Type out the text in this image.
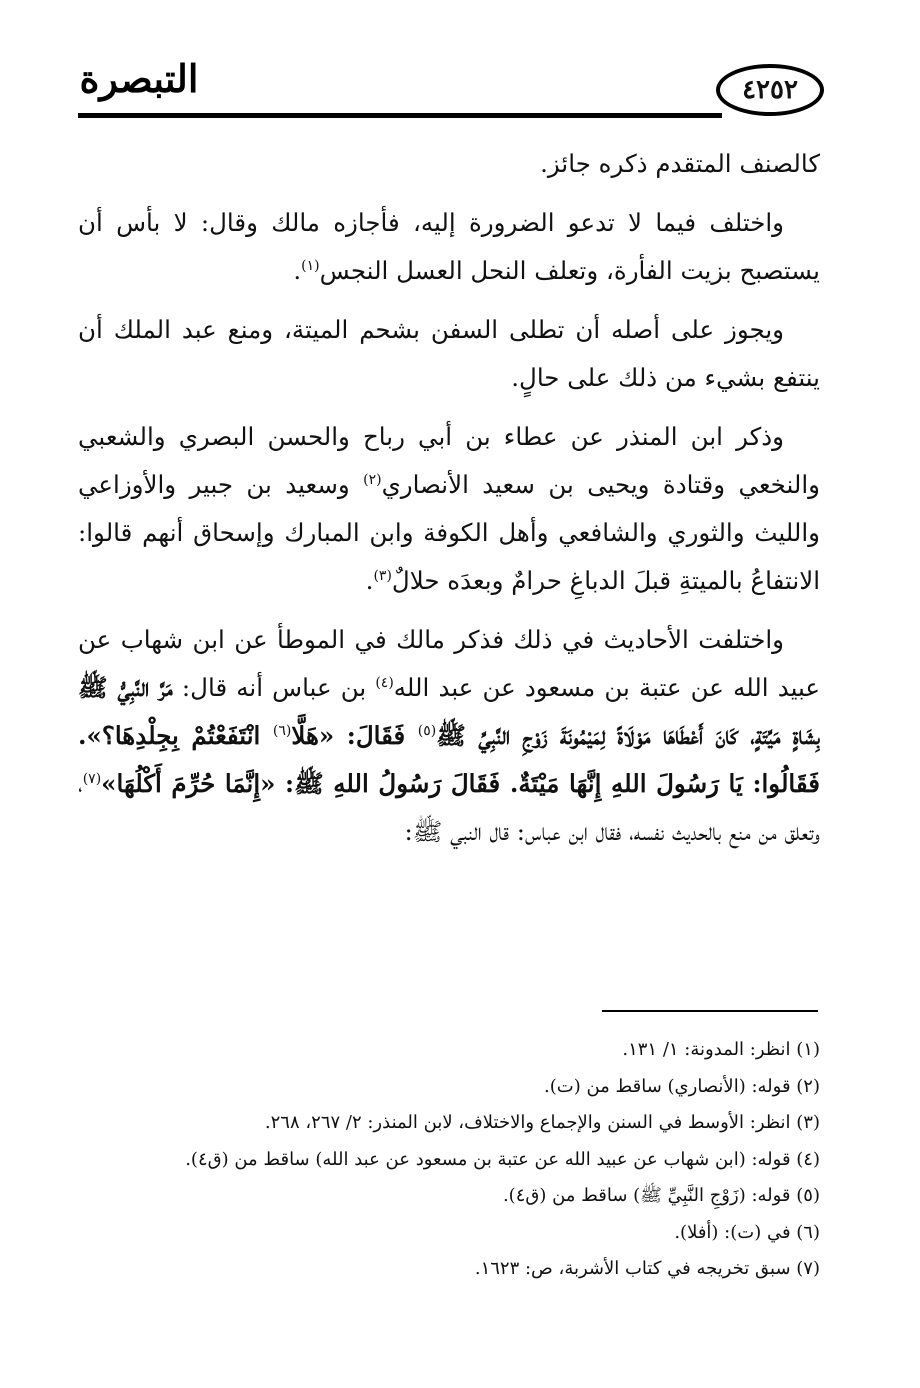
التبصرة	٤٢٥٢

كالصنف المتقدم ذكره جائز.

واختلف فيما لا تدعو الضرورة إليه، فأجازه مالك وقال: لا بأس أن يستصبح بزيت الفأرة، وتعلف النحل العسل النجس$^{(١)}$.

ويجوز على أصله أن تطلى السفن بشحم الميتة، ومنع عبد الملك أن ينتفع بشيء من ذلك على حالٍ.

وذكر ابن المنذر عن عطاء بن أبي رباح والحسن البصري والشعبي والنخعي وقتادة ويحيى بن سعيد الأنصاري$^{(٢)}$ وسعيد بن جبير والأوزاعي والليث والثوري والشافعي وأهل الكوفة وابن المبارك وإسحاق أنهم قالوا: الانتفاعُ بالميتةِ قبلَ الدباغِ حرامٌ وبعدَه حلالٌ$^{(٣)}$.

واختلفت الأحاديث في ذلك فذكر مالك في الموطأ عن ابن شهاب عن عبيد الله عن عتبة بن مسعود عن عبد الله$^{(٤)}$ بن عباس أنه قال: مَرَّ النَّبِيُّ ﷺ بِشَاةٍ مَيِّتَةٍ، كَانَ أَعْطَاهَا مَوْلَاةً لِمَيْمُونَةَ زَوْجِ النَّبِيِّ ﷺ$^{(٥)}$ فَقَالَ: «هَلَّا$^{(٦)}$ انْتَفَعْتُمْ بِجِلْدِهَا؟». فَقَالُوا: يَا رَسُولَ اللهِ إِنَّهَا مَيْتَةٌ. فَقَالَ رَسُولُ اللهِ ﷺ: «إِنَّمَا حُرِّمَ أَكْلُهَا»$^{(٧)}$، وتعلق من منع بالحديث نفسه، فقال ابن عباس: قال النبي ﷺ:

(١) انظر: المدونة: ١/ ١٣١.
(٢) قوله: (الأنصاري) ساقط من (ت).
(٣) انظر: الأوسط في السنن والإجماع والاختلاف، لابن المنذر: ٢/ ٢٦٧، ٢٦٨.
(٤) قوله: (ابن شهاب عن عبيد الله عن عتبة بن مسعود عن عبد الله) ساقط من (ق٤).
(٥) قوله: (زَوْجِ النَّبِيِّ ﷺ) ساقط من (ق٤).
(٦) في (ت): (أفلا).
(٧) سبق تخريجه في كتاب الأشربة، ص: ١٦٢٣.
